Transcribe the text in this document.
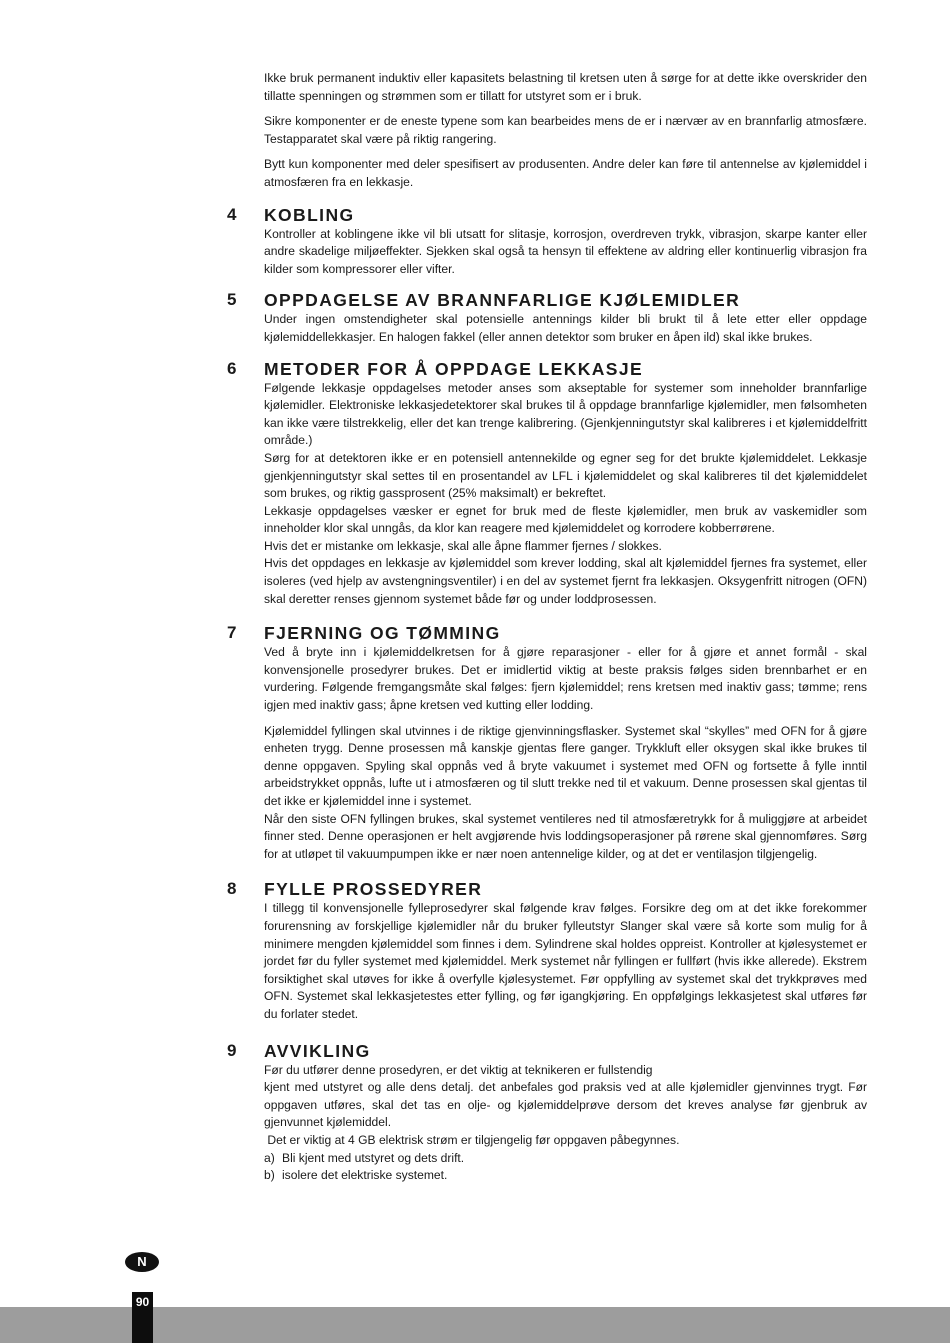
Ikke bruk permanent induktiv eller kapasitets belastning til kretsen uten å sørge for at dette ikke overskrider den tillatte spenningen og strømmen som er tillatt for utstyret som er i bruk.

Sikre komponenter er de eneste typene som kan bearbeides mens de er i nærvær av en brannfarlig atmosfære. Testapparatet skal være på riktig rangering.

Bytt kun komponenter med deler spesifisert av produsenten. Andre deler kan føre til antennelse av kjølemiddel i atmosfæren fra en lekkasje.

4 KOBLING

Kontroller at koblingene ikke vil bli utsatt for slitasje, korrosjon, overdreven trykk, vibrasjon, skarpe kanter eller andre skadelige miljøeffekter. Sjekken skal også ta hensyn til effektene av aldring eller kontinuerlig vibrasjon fra kilder som kompressorer eller vifter.

5 OPPDAGELSE AV BRANNFARLIGE KJØLEMIDLER

Under ingen omstendigheter skal potensielle antennings kilder bli brukt til å lete etter eller oppdage kjølemiddellekkasjer. En halogen fakkel (eller annen detektor som bruker en åpen ild) skal ikke brukes.

6 METODER FOR Å OPPDAGE LEKKASJE

Følgende lekkasje oppdagelses metoder anses som akseptable for systemer som inneholder brannfarlige kjølemidler. Elektroniske lekkasjedetektorer skal brukes til å oppdage brannfarlige kjølemidler, men følsomheten kan ikke være tilstrekkelig, eller det kan trenge kalibrering. (Gjenkjenningutstyr skal kalibreres i et kjølemiddelfritt område.)

Sørg for at detektoren ikke er en potensiell antennekilde og egner seg for det brukte kjølemiddelet. Lekkasje gjenkjenningutstyr skal settes til en prosentandel av LFL i kjølemiddelet og skal kalibreres til det kjølemiddelet som brukes, og riktig gassprosent (25% maksimalt) er bekreftet.

Lekkasje oppdagelses væsker er egnet for bruk med de fleste kjølemidler, men bruk av vaskemidler som inneholder klor skal unngås, da klor kan reagere med kjølemiddelet og korrodere kobberrørene.

Hvis det er mistanke om lekkasje, skal alle åpne flammer fjernes / slokkes.

Hvis det oppdages en lekkasje av kjølemiddel som krever lodding, skal alt kjølemiddel fjernes fra systemet, eller isoleres (ved hjelp av avstengningsventiler) i en del av systemet fjernt fra lekkasjen. Oksygenfritt nitrogen (OFN) skal deretter renses gjennom systemet både før og under loddprosessen.

7 FJERNING OG TØMMING

Ved å bryte inn i kjølemiddelkretsen for å gjøre reparasjoner - eller for å gjøre et annet formål - skal konvensjonelle prosedyrer brukes. Det er imidlertid viktig at beste praksis følges siden brennbarhet er en vurdering. Følgende fremgangsmåte skal følges: fjern kjølemiddel; rens kretsen med inaktiv gass; tømme; rens igjen med inaktiv gass; åpne kretsen ved kutting eller lodding.

Kjølemiddel fyllingen skal utvinnes i de riktige gjenvinningsflasker. Systemet skal “skylles” med OFN for å gjøre enheten trygg. Denne prosessen må kanskje gjentas flere ganger. Trykkluft eller oksygen skal ikke brukes til denne oppgaven. Spyling skal oppnås ved å bryte vakuumet i systemet med OFN og fortsette å fylle inntil arbeidstrykket oppnås, lufte ut i atmosfæren og til slutt trekke ned til et vakuum. Denne prosessen skal gjentas til det ikke er kjølemiddel inne i systemet.

Når den siste OFN fyllingen brukes, skal systemet ventileres ned til atmosfæretrykk for å muliggjøre at arbeidet finner sted. Denne operasjonen er helt avgjørende hvis loddingsoperasjoner på rørene skal gjennomføres. Sørg for at utløpet til vakuumpumpen ikke er nær noen antennelige kilder, og at det er ventilasjon tilgjengelig.

8 FYLLE PROSSEDYRER

I tillegg til konvensjonelle fylleprosedyrer skal følgende krav følges. Forsikre deg om at det ikke forekommer forurensning av forskjellige kjølemidler når du bruker fylleutstyr Slanger skal være så korte som mulig for å minimere mengden kjølemiddel som finnes i dem. Sylindrene skal holdes oppreist. Kontroller at kjølesystemet er jordet før du fyller systemet med kjølemiddel. Merk systemet når fyllingen er fullført (hvis ikke allerede). Ekstrem forsiktighet skal utøves for ikke å overfylle kjølesystemet. Før oppfylling av systemet skal det trykkprøves med OFN. Systemet skal lekkasjetestes etter fylling, og før igangkjøring. En oppfølgings lekkasjetest skal utføres før du forlater stedet.

9 AVVIKLING

Før du utfører denne prosedyren, er det viktig at teknikeren er fullstendig

kjent med utstyret og alle dens detalj. det anbefales god praksis ved at alle kjølemidler gjenvinnes trygt. Før oppgaven utføres, skal det tas en olje- og kjølemiddelprøve dersom det kreves analyse før gjenbruk av gjenvunnet kjølemiddel.

Det er viktig at 4 GB elektrisk strøm er tilgjengelig før oppgaven påbegynnes.

a) Bli kjent med utstyret og dets drift.
b) isolere det elektriske systemet.
N
90
